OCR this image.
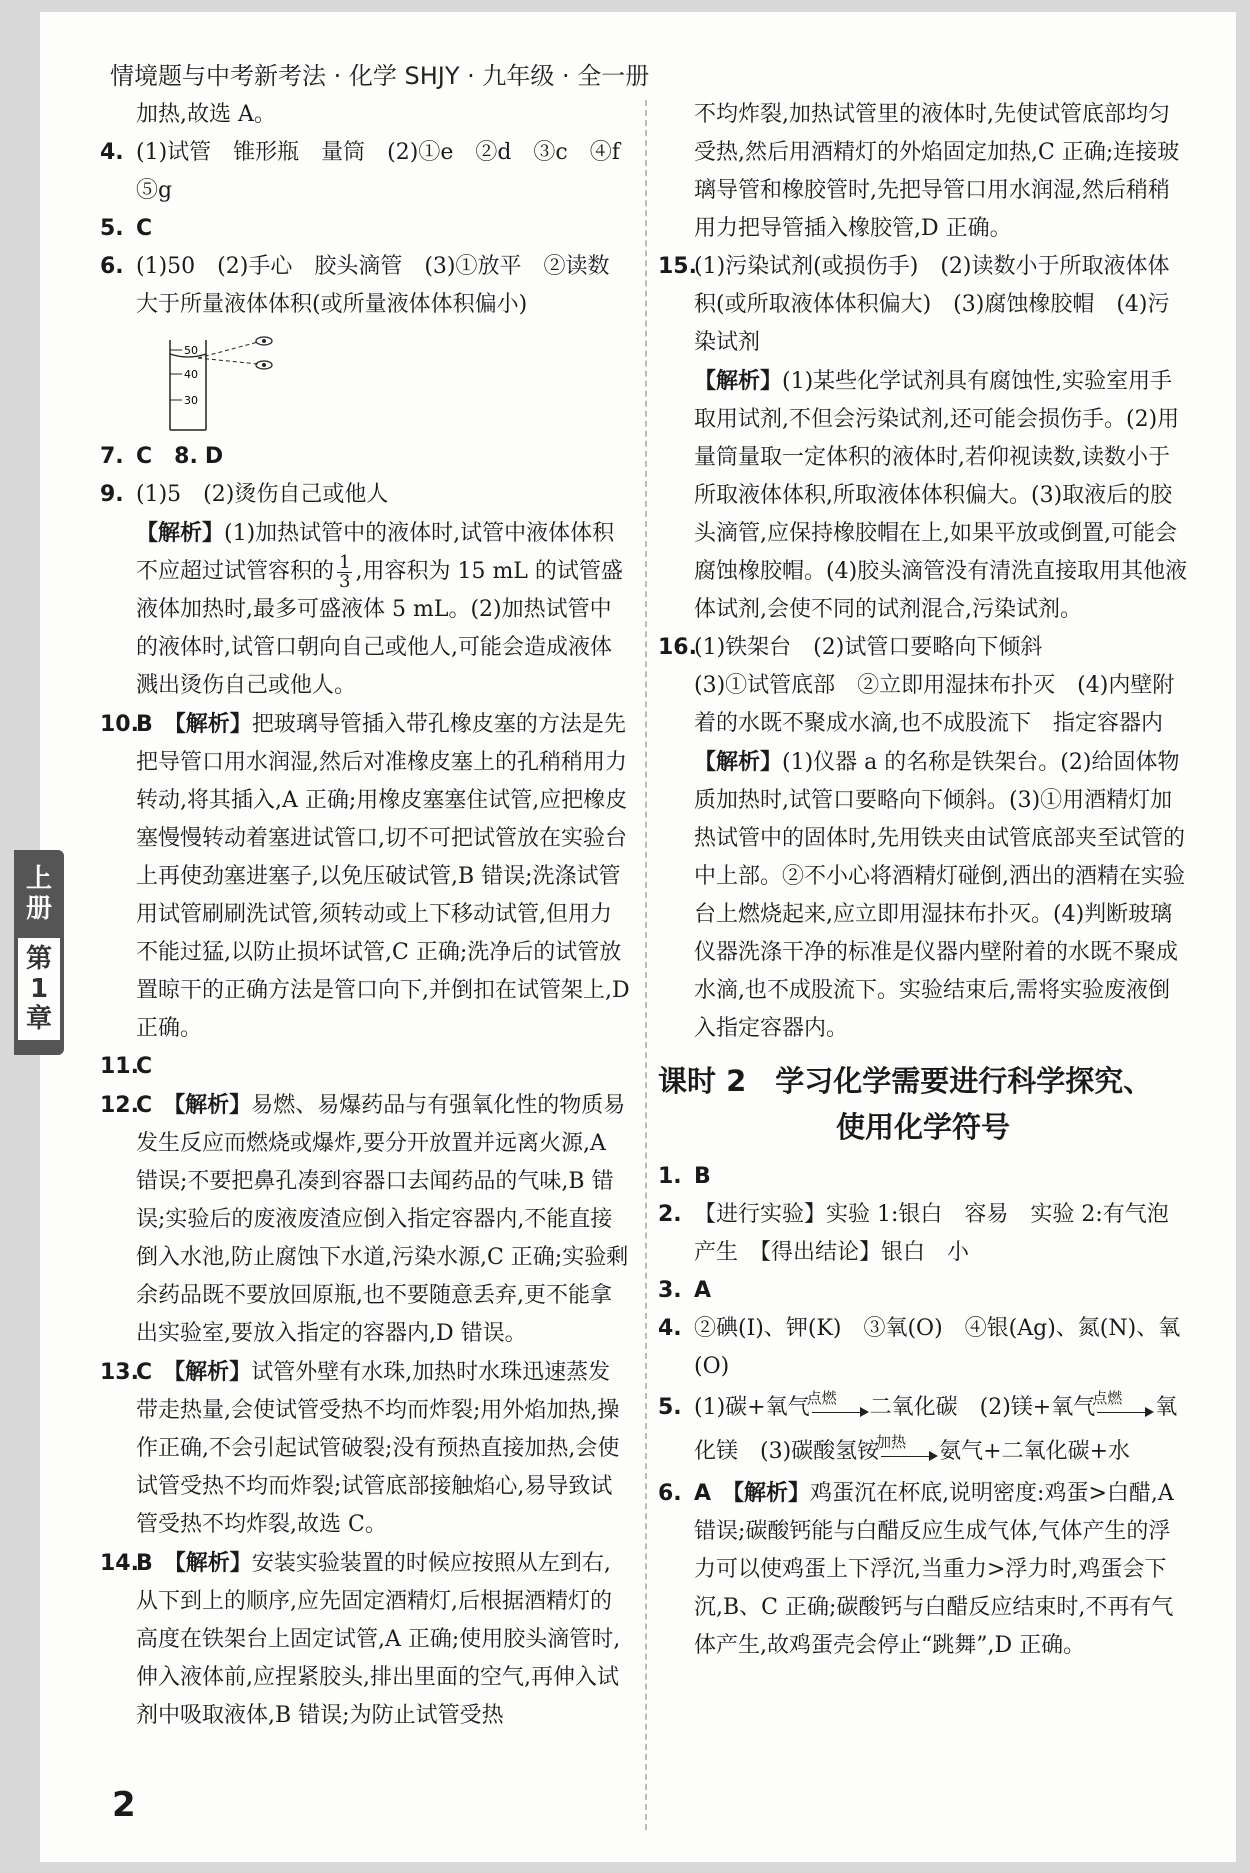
情境题与中考新考法 · 化学 SHJY · 九年级 · 全一册
上册
第1章

加热,故选 A。

4. (1)试管　锥形瓶　量筒　(2)①e　②d　③c　④f　⑤g

5. C

6. (1)50　(2)手心　胶头滴管　(3)①放平　②读数大于所量液体体积(或所量液体体积偏小)

50
40
30

7. C　 8. D

9. (1)5　(2)烫伤自己或他人

【解析】(1)加热试管中的液体时,试管中液体体积不应超过试管容积的 $\frac{1}{3}$ ,用容积为 15 mL 的试管盛液体加热时,最多可盛液体 5 mL。(2)加热试管中的液体时,试管口朝向自己或他人,可能会造成液体溅出烫伤自己或他人。

10.B　 【解析】把玻璃导管插入带孔橡皮塞的方法是先把导管口用水润湿,然后对准橡皮塞上的孔稍稍用力转动,将其插入,A 正确;用橡皮塞塞住试管,应把橡皮塞慢慢转动着塞进试管口,切不可把试管放在实验台上再使劲塞进塞子,以免压破试管,B 错误;洗涤试管用试管刷刷洗试管,须转动或上下移动试管,但用力不能过猛,以防止损坏试管,C 正确;洗净后的试管放置晾干的正确方法是管口向下,并倒扣在试管架上,D 正确。

11.C

12.C　 【解析】易燃、易爆药品与有强氧化性的物质易发生反应而燃烧或爆炸,要分开放置并远离火源,A 错误;不要把鼻孔凑到容器口去闻药品的气味,B 错误;实验后的废液废渣应倒入指定容器内,不能直接倒入水池,防止腐蚀下水道,污染水源,C 正确;实验剩余药品既不要放回原瓶,也不要随意丢弃,更不能拿出实验室,要放入指定的容器内,D 错误。

13.C　 【解析】试管外壁有水珠,加热时水珠迅速蒸发带走热量,会使试管受热不均而炸裂;用外焰加热,操作正确,不会引起试管破裂;没有预热直接加热,会使试管受热不均而炸裂;试管底部接触焰心,易导致试管受热不均炸裂,故选 C。

14.B　 【解析】安装实验装置的时候应按照从左到右,从下到上的顺序,应先固定酒精灯,后根据酒精灯的高度在铁架台上固定试管,A 正确;使用胶头滴管时,伸入液体前,应捏紧胶头,排出里面的空气,再伸入试剂中吸取液体,B 错误;为防止试管受热

不均炸裂,加热试管里的液体时,先使试管底部均匀受热,然后用酒精灯的外焰固定加热,C 正确;连接玻璃导管和橡胶管时,先把导管口用水润湿,然后稍稍用力把导管插入橡胶管,D 正确。

15.(1)污染试剂(或损伤手)　(2)读数小于所取液体体积(或所取液体体积偏大)　(3)腐蚀橡胶帽　(4)污染试剂

【解析】(1)某些化学试剂具有腐蚀性,实验室用手取用试剂,不但会污染试剂,还可能会损伤手。(2)用量筒量取一定体积的液体时,若仰视读数,读数小于所取液体体积,所取液体体积偏大。(3)取液后的胶头滴管,应保持橡胶帽在上,如果平放或倒置,可能会腐蚀橡胶帽。(4)胶头滴管没有清洗直接取用其他液体试剂,会使不同的试剂混合,污染试剂。

16.(1)铁架台　(2)试管口要略向下倾斜

(3)①试管底部　②立即用湿抹布扑灭　(4)内壁附着的水既不聚成水滴,也不成股流下　指定容器内

【解析】(1)仪器 a 的名称是铁架台。(2)给固体物质加热时,试管口要略向下倾斜。(3)①用酒精灯加热试管中的固体时,先用铁夹由试管底部夹至试管的中上部。②不小心将酒精灯碰倒,洒出的酒精在实验台上燃烧起来,应立即用湿抹布扑灭。(4)判断玻璃仪器洗涤干净的标准是仪器内壁附着的水既不聚成水滴,也不成股流下。实验结束后,需将实验废液倒入指定容器内。

课时 2　学习化学需要进行科学探究、
使用化学符号

1. B

2. 【进行实验】实验 1:银白　容易　实验 2:有气泡产生　【得出结论】银白　小

3. A

4. ②碘(I)、钾(K)　③氧(O)　④银(Ag)、氮(N)、氧(O)

5. (1)碳+氧气
点燃	二氧化碳　(2)镁+氧气
点燃	氧化镁　(3)碳酸氢铵
加热	氨气+二氧化碳+水

6. A　 【解析】鸡蛋沉在杯底,说明密度:鸡蛋>白醋,A 错误;碳酸钙能与白醋反应生成气体,气体产生的浮力可以使鸡蛋上下浮沉,当重力>浮力时,鸡蛋会下沉,B、C 正确;碳酸钙与白醋反应结束时,不再有气体产生,故鸡蛋壳会停止“跳舞”,D 正确。

2
